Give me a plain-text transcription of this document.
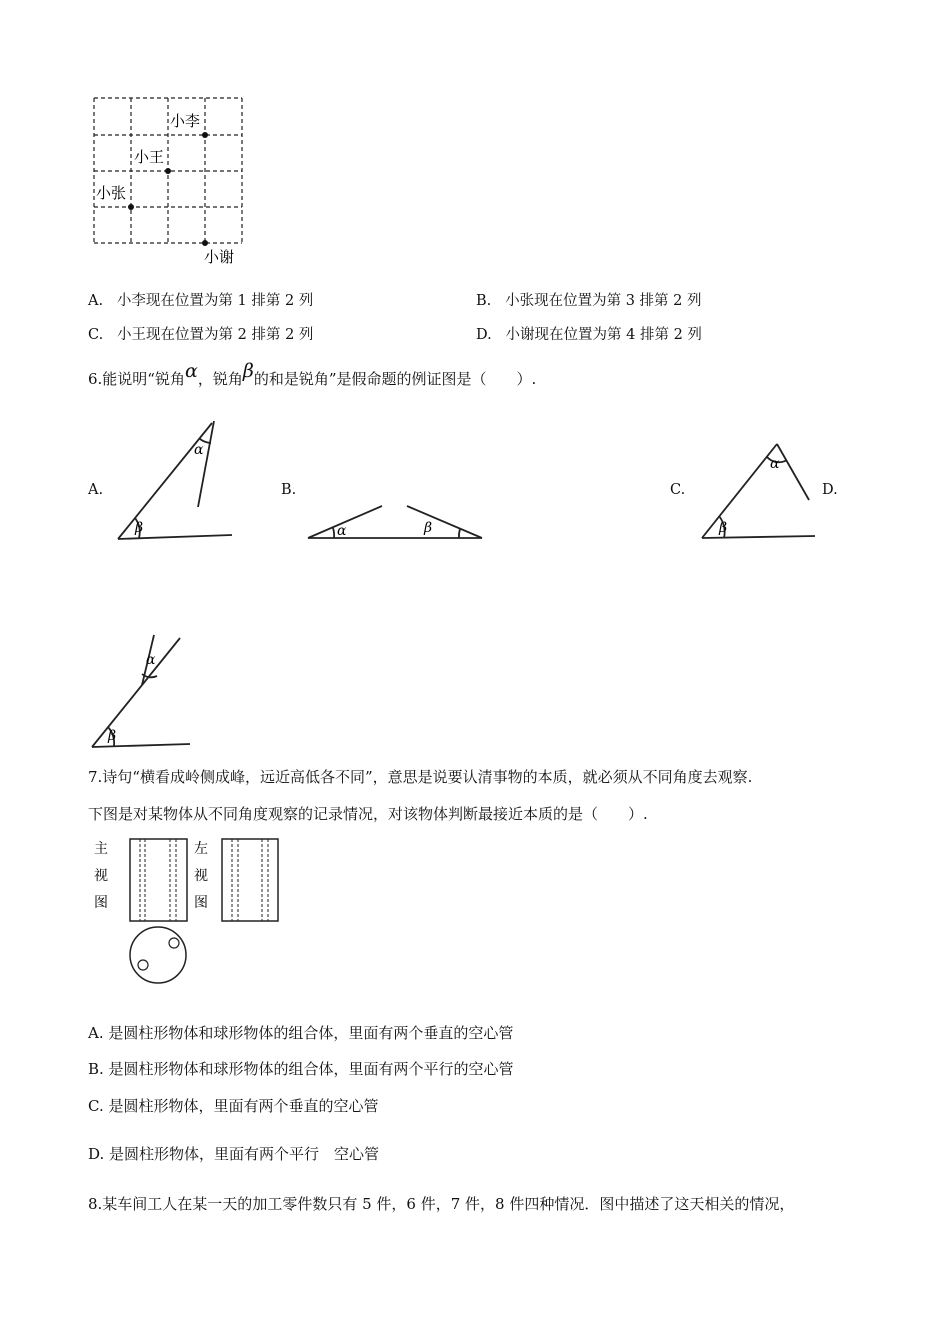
小李
小王
小张
小谢
A. 小李现在位置为第 1 排第 2 列	B. 小张现在位置为第 3 排第 2 列
C. 小王现在位置为第 2 排第 2 列	D. 小谢现在位置为第 4 排第 2 列
6.能说明“锐角α，锐角β的和是锐角”是假命题的例证图是（　　）.
A.	B.	C.	D.
β
α
α	β	β
α
β
α
7.诗句“横看成岭侧成峰，远近高低各不同”，意思是说要认清事物的本质，就必须从不同角度去观察.
下图是对某物体从不同角度观察的记录情况，对该物体判断最接近本质的是（　　）.
主
视
图
左
视
图
A. 是圆柱形物体和球形物体的组合体，里面有两个垂直的空心管
B. 是圆柱形物体和球形物体的组合体，里面有两个平行的空心管
C. 是圆柱形物体，里面有两个垂直的空心管
D. 是圆柱形物体，里面有两个平行　空心管
8.某车间工人在某一天的加工零件数只有 5 件，6 件，7 件，8 件四种情况．图中描述了这天相关的情况，
